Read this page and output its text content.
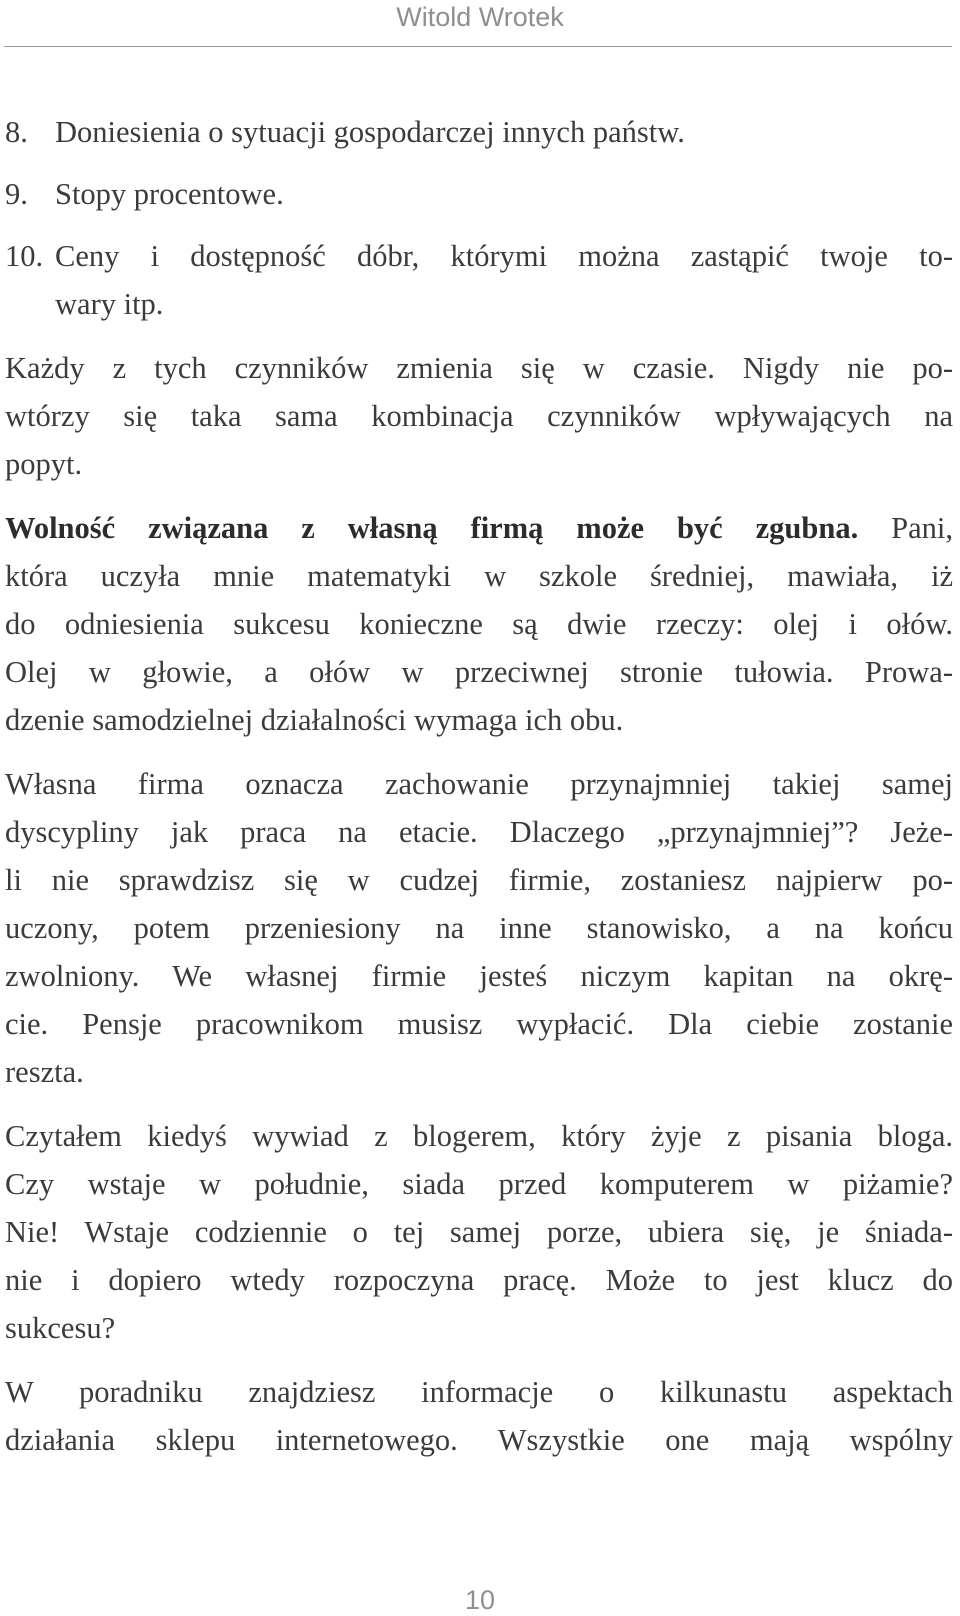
Witold Wrotek
8. Doniesienia o sytuacji gospodarczej innych państw.
9. Stopy procentowe.
10. Ceny i dostępność dóbr, którymi można zastąpić twoje to-
wary itp.
Każdy z tych czynników zmienia się w czasie. Nigdy nie po-
wtórzy się taka sama kombinacja czynników wpływających na
popyt.
Wolność związana z własną firmą może być zgubna. Pani,
która uczyła mnie matematyki w szkole średniej, mawiała, iż
do odniesienia sukcesu konieczne są dwie rzeczy: olej i ołów.
Olej w głowie, a ołów w przeciwnej stronie tułowia. Prowa-
dzenie samodzielnej działalności wymaga ich obu.
Własna firma oznacza zachowanie przynajmniej takiej samej
dyscypliny jak praca na etacie. Dlaczego „przynajmniej”? Jeże-
li nie sprawdzisz się w cudzej firmie, zostaniesz najpierw po-
uczony, potem przeniesiony na inne stanowisko, a na końcu
zwolniony. We własnej firmie jesteś niczym kapitan na okrę-
cie. Pensje pracownikom musisz wypłacić. Dla ciebie zostanie
reszta.
Czytałem kiedyś wywiad z blogerem, który żyje z pisania bloga.
Czy wstaje w południe, siada przed komputerem w piżamie?
Nie! Wstaje codziennie o tej samej porze, ubiera się, je śniada-
nie i dopiero wtedy rozpoczyna pracę. Może to jest klucz do
sukcesu?
W poradniku znajdziesz informacje o kilkunastu aspektach
działania sklepu internetowego. Wszystkie one mają wspólny
10
